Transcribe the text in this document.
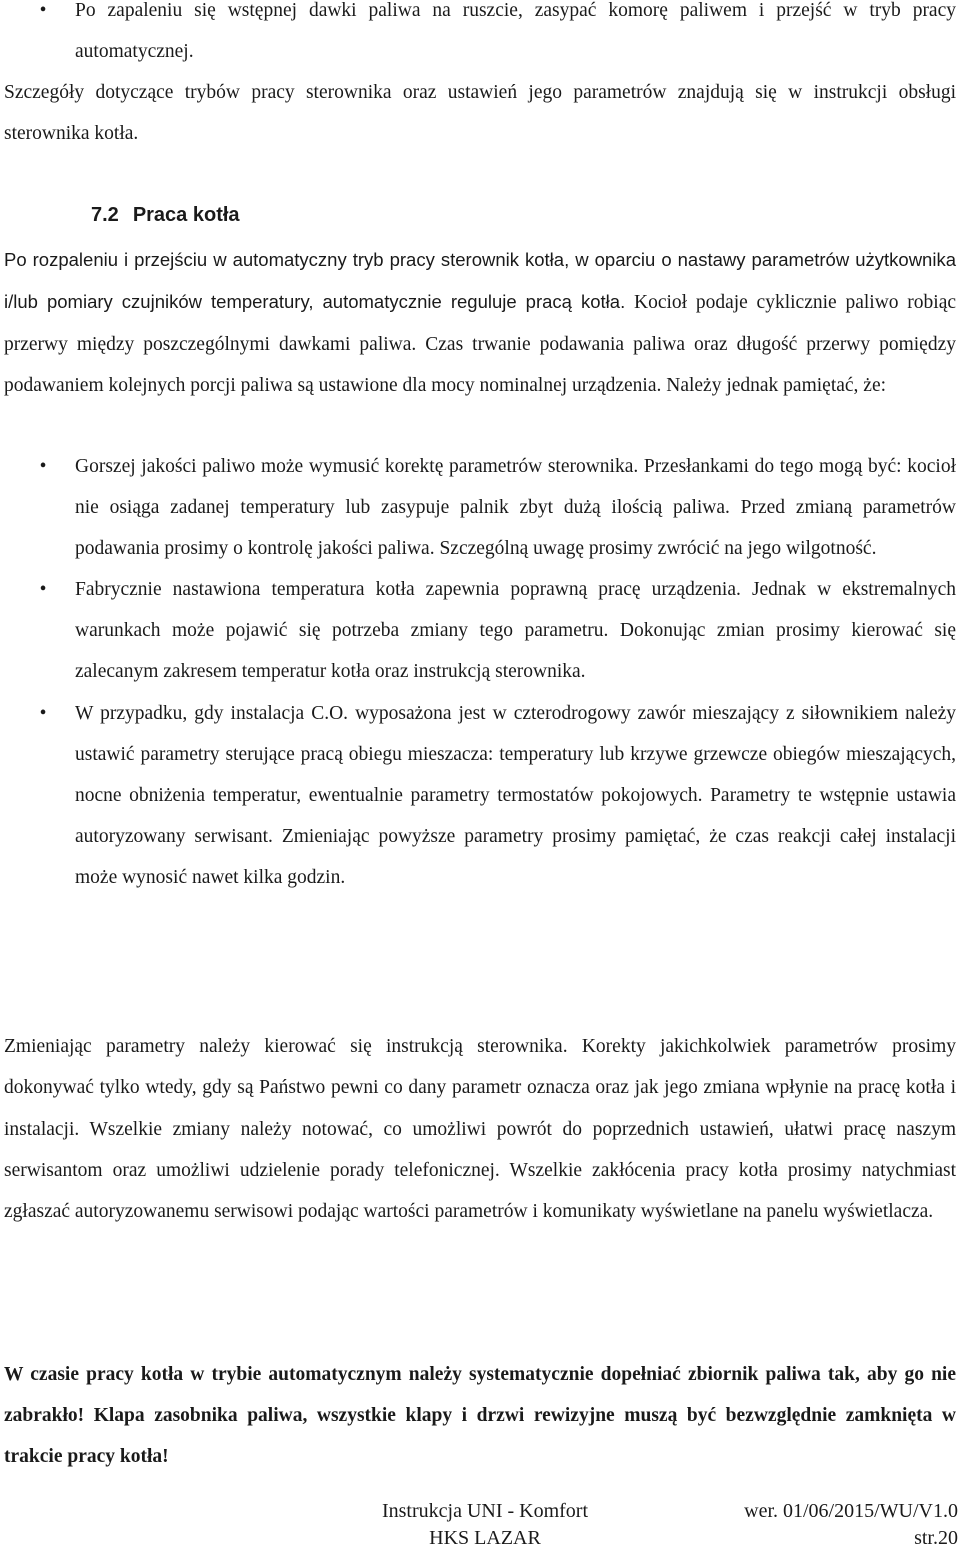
• Po zapaleniu się wstępnej dawki paliwa na ruszcie, zasypać komorę paliwem i przejść w tryb pracy automatycznej.

Szczegóły dotyczące trybów pracy sterownika oraz ustawień jego parametrów znajdują się w instrukcji obsługi sterownika kotła.

7.2 Praca kotła

Po rozpaleniu i przejściu w automatyczny tryb pracy sterownik kotła, w oparciu o nastawy parametrów użytkownika i/lub pomiary czujników temperatury, automatycznie reguluje pracą kotła. Kocioł podaje cyklicznie paliwo robiąc przerwy między poszczególnymi dawkami paliwa. Czas trwanie podawania paliwa oraz długość przerwy pomiędzy podawaniem kolejnych porcji paliwa są ustawione dla mocy nominalnej urządzenia. Należy jednak pamiętać, że:

• Gorszej jakości paliwo może wymusić korektę parametrów sterownika. Przesłankami do tego mogą być: kocioł nie osiąga zadanej temperatury lub zasypuje palnik zbyt dużą ilością paliwa. Przed zmianą parametrów podawania prosimy o kontrolę jakości paliwa. Szczególną uwagę prosimy zwrócić na jego wilgotność.

• Fabrycznie nastawiona temperatura kotła zapewnia poprawną pracę urządzenia. Jednak w ekstremalnych warunkach może pojawić się potrzeba zmiany tego parametru. Dokonując zmian prosimy kierować się zalecanym zakresem temperatur kotła oraz instrukcją sterownika.

• W przypadku, gdy instalacja C.O. wyposażona jest w czterodrogowy zawór mieszający z siłownikiem należy ustawić parametry sterujące pracą obiegu mieszacza: temperatury lub krzywe grzewcze obiegów mieszających, nocne obniżenia temperatur, ewentualnie parametry termostatów pokojowych. Parametry te wstępnie ustawia autoryzowany serwisant. Zmieniając powyższe parametry prosimy pamiętać, że czas reakcji całej instalacji może wynosić nawet kilka godzin.

Zmieniając parametry należy kierować się instrukcją sterownika. Korekty jakichkolwiek parametrów prosimy dokonywać tylko wtedy, gdy są Państwo pewni co dany parametr oznacza oraz jak jego zmiana wpłynie na pracę kotła i instalacji. Wszelkie zmiany należy notować, co umożliwi powrót do poprzednich ustawień, ułatwi pracę naszym serwisantom oraz umożliwi udzielenie porady telefonicznej. Wszelkie zakłócenia pracy kotła prosimy natychmiast zgłaszać autoryzowanemu serwisowi podając wartości parametrów i komunikaty wyświetlane na panelu wyświetlacza.

W czasie pracy kotła w trybie automatycznym należy systematycznie dopełniać zbiornik paliwa tak, aby go nie zabrakło! Klapa zasobnika paliwa, wszystkie klapy i drzwi rewizyjne muszą być bezwzględnie zamknięta w trakcie pracy kotła!

Instrukcja UNI - Komfort
HKS LAZAR
wer. 01/06/2015/WU/V1.0
str.20
